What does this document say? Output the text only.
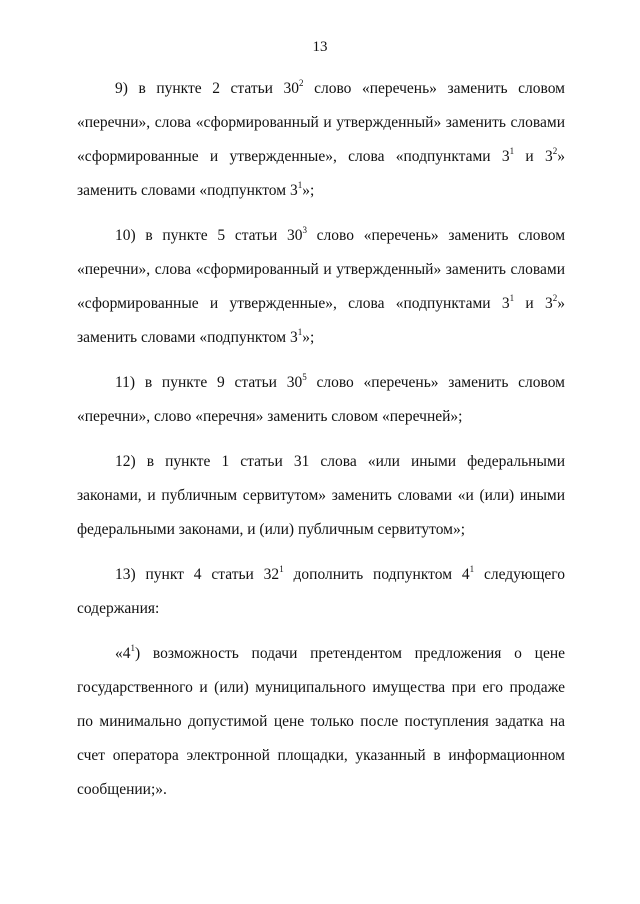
13

9) в пункте 2 статьи $30^2$ слово «перечень» заменить словом «перечни», слова «сформированный и утвержденный» заменить словами «сформированные и утвержденные», слова «подпунктами $3^1$ и $3^2$» заменить словами «подпунктом $3^1$»;

10) в пункте 5 статьи $30^3$ слово «перечень» заменить словом «перечни», слова «сформированный и утвержденный» заменить словами «сформированные и утвержденные», слова «подпунктами $3^1$ и $3^2$» заменить словами «подпунктом $3^1$»;

11) в пункте 9 статьи $30^5$ слово «перечень» заменить словом «перечни», слово «перечня» заменить словом «перечней»;

12) в пункте 1 статьи 31 слова «или иными федеральными законами, и публичным сервитутом» заменить словами «и (или) иными федеральными законами, и (или) публичным сервитутом»;

13) пункт 4 статьи $32^1$ дополнить подпунктом $4^1$ следующего содержания:

«$4^1$) возможность подачи претендентом предложения о цене государственного и (или) муниципального имущества при его продаже по минимально допустимой цене только после поступления задатка на счет оператора электронной площадки, указанный в информационном сообщении;».
